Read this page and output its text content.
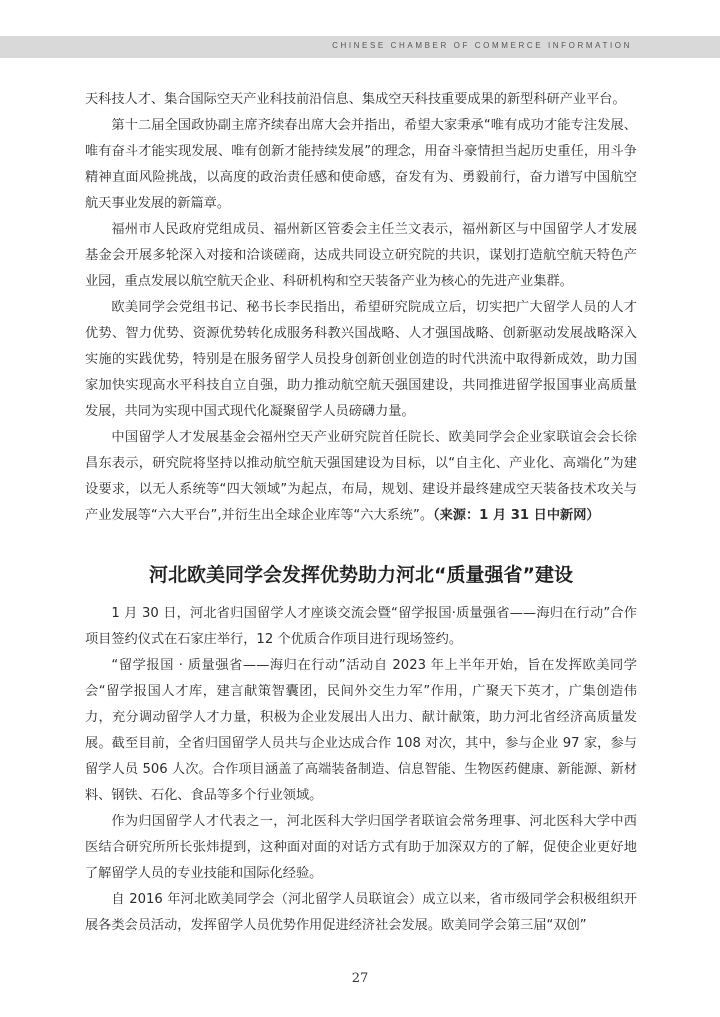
CHINESE CHAMBER OF COMMERCE INFORMATION

天科技人才、集合国际空天产业科技前沿信息、集成空天科技重要成果的新型科研产业平台。

第十二届全国政协副主席齐续春出席大会并指出，希望大家秉承“唯有成功才能专注发展、唯有奋斗才能实现发展、唯有创新才能持续发展”的理念，用奋斗豪情担当起历史重任，用斗争精神直面风险挑战，以高度的政治责任感和使命感，奋发有为、勇毅前行，奋力谱写中国航空航天事业发展的新篇章。

福州市人民政府党组成员、福州新区管委会主任兰文表示，福州新区与中国留学人才发展基金会开展多轮深入对接和洽谈磋商，达成共同设立研究院的共识，谋划打造航空航天特色产业园，重点发展以航空航天企业、科研机构和空天装备产业为核心的先进产业集群。

欧美同学会党组书记、秘书长李民指出，希望研究院成立后，切实把广大留学人员的人才优势、智力优势、资源优势转化成服务科教兴国战略、人才强国战略、创新驱动发展战略深入实施的实践优势，特别是在服务留学人员投身创新创业创造的时代洪流中取得新成效，助力国家加快实现高水平科技自立自强，助力推动航空航天强国建设，共同推进留学报国事业高质量发展，共同为实现中国式现代化凝聚留学人员磅礴力量。

中国留学人才发展基金会福州空天产业研究院首任院长、欧美同学会企业家联谊会会长徐昌东表示，研究院将坚持以推动航空航天强国建设为目标，以“自主化、产业化、高端化”为建设要求，以无人系统等“四大领域”为起点，布局，规划、建设并最终建成空天装备技术攻关与产业发展等“六大平台”,并衍生出全球企业库等“六大系统”。（来源：1 月 31 日中新网）

河北欧美同学会发挥优势助力河北“质量强省”建设

1 月 30 日，河北省归国留学人才座谈交流会暨“留学报国·质量强省——海归在行动”合作项目签约仪式在石家庄举行，12 个优质合作项目进行现场签约。

“留学报国 · 质量强省——海归在行动”活动自 2023 年上半年开始，旨在发挥欧美同学会“留学报国人才库，建言献策智囊团，民间外交生力军”作用，广聚天下英才，广集创造伟力，充分调动留学人才力量，积极为企业发展出人出力、献计献策，助力河北省经济高质量发展。截至目前，全省归国留学人员共与企业达成合作 108 对次，其中，参与企业 97 家，参与留学人员 506 人次。合作项目涵盖了高端装备制造、信息智能、生物医药健康、新能源、新材料、钢铁、石化、食品等多个行业领域。

作为归国留学人才代表之一，河北医科大学归国学者联谊会常务理事、河北医科大学中西医结合研究所所长张炜提到，这种面对面的对话方式有助于加深双方的了解，促使企业更好地了解留学人员的专业技能和国际化经验。

自 2016 年河北欧美同学会（河北留学人员联谊会）成立以来，省市级同学会积极组织开展各类会员活动，发挥留学人员优势作用促进经济社会发展。欧美同学会第三届“双创”

27
